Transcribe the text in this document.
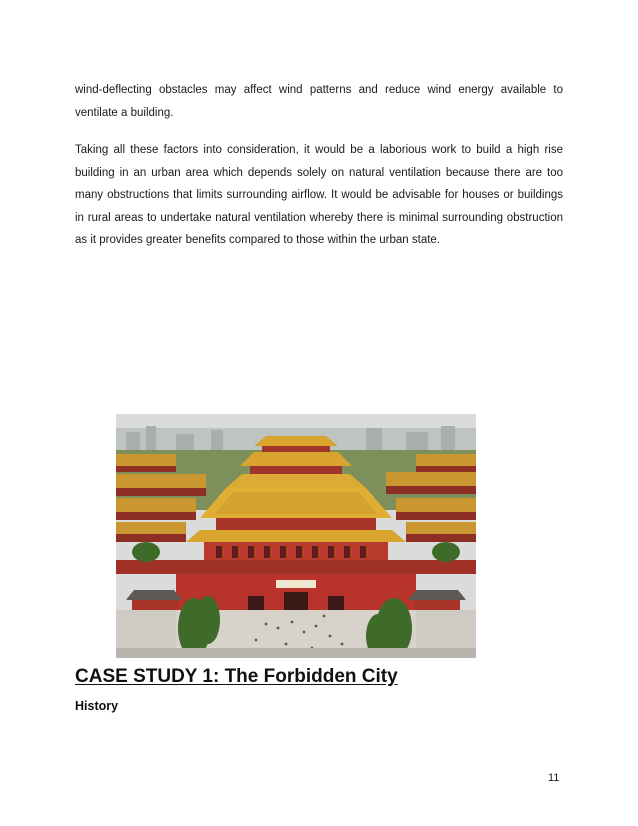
wind-deflecting obstacles may affect wind patterns and reduce wind energy available to ventilate a building.

Taking all these factors into consideration, it would be a laborious work to build a high rise building in an urban area which depends solely on natural ventilation because there are too many obstructions that limits surrounding airflow. It would be advisable for houses or buildings in rural areas to undertake natural ventilation whereby there is minimal surrounding obstruction as it provides greater benefits compared to those within the urban state.

CASE STUDY 1: The Forbidden City
History
11
